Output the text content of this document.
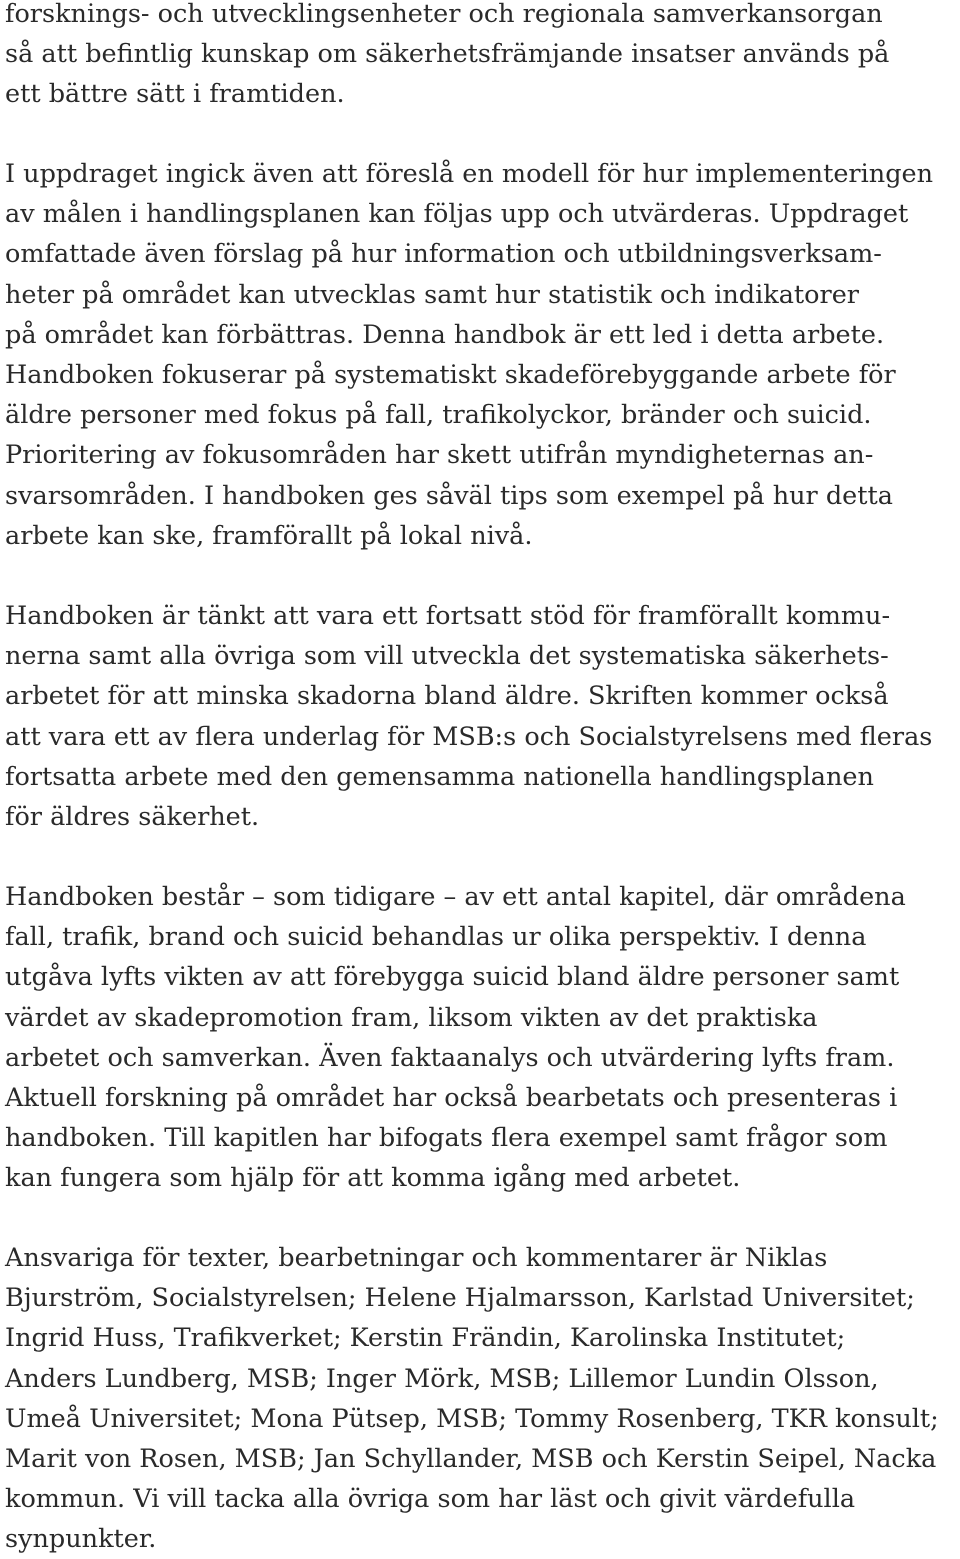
forsknings- och utvecklingsenheter och regionala samverkansorgan
så att befintlig kunskap om säkerhetsfrämjande insatser används på
ett bättre sätt i framtiden.
I uppdraget ingick även att föreslå en modell för hur implementeringen
av målen i handlingsplanen kan följas upp och utvärderas. Uppdraget
omfattade även förslag på hur information och utbildningsverksam-
heter på området kan utvecklas samt hur statistik och indikatorer
på området kan förbättras. Denna handbok är ett led i detta arbete.
Handboken fokuserar på systematiskt skadeförebyggande arbete för
äldre personer med fokus på fall, trafikolyckor, bränder och suicid.
Prioritering av fokusområden har skett utifrån myndigheternas an-
svarsområden. I handboken ges såväl tips som exempel på hur detta
arbete kan ske, framförallt på lokal nivå.
Handboken är tänkt att vara ett fortsatt stöd för framförallt kommu-
nerna samt alla övriga som vill utveckla det systematiska säkerhets-
arbetet för att minska skadorna bland äldre. Skriften kommer också
att vara ett av flera underlag för MSB:s och Socialstyrelsens med fleras
fortsatta arbete med den gemensamma nationella handlingsplanen
för äldres säkerhet.
Handboken består – som tidigare – av ett antal kapitel, där områdena
fall, trafik, brand och suicid behandlas ur olika perspektiv. I denna
utgåva lyfts vikten av att förebygga suicid bland äldre personer samt
värdet av skadepromotion fram, liksom vikten av det praktiska
arbetet och samverkan. Även faktaanalys och utvärdering lyfts fram.
Aktuell forskning på området har också bearbetats och presenteras i
handboken. Till kapitlen har bifogats flera exempel samt frågor som
kan fungera som hjälp för att komma igång med arbetet.
Ansvariga för texter, bearbetningar och kommentarer är Niklas
Bjurström, Socialstyrelsen; Helene Hjalmarsson, Karlstad Universitet;
Ingrid Huss, Trafikverket; Kerstin Frändin, Karolinska Institutet;
Anders Lundberg, MSB; Inger Mörk, MSB; Lillemor Lundin Olsson,
Umeå Universitet; Mona Pütsep, MSB; Tommy Rosenberg, TKR konsult;
Marit von Rosen, MSB; Jan Schyllander, MSB och Kerstin Seipel, Nacka
kommun. Vi vill tacka alla övriga som har läst och givit värdefulla
synpunkter.
